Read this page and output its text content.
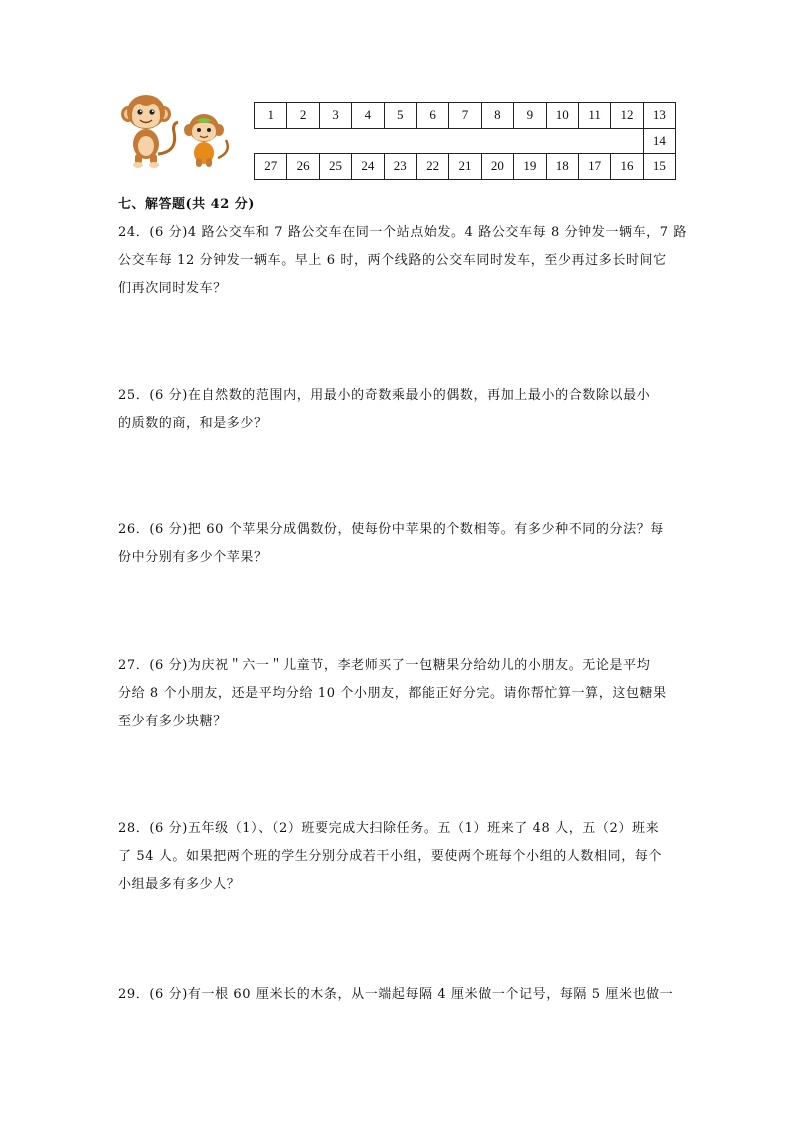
1	2	3	4	5	6	7	8	9	10	11	12	13
												14
27	26	25	24	23	22	21	20	19	18	17	16	15
七、解答题(共 42 分)

24．(6 分)4 路公交车和 7 路公交车在同一个站点始发。4 路公交车每 8 分钟发一辆车，7 路

公交车每 12 分钟发一辆车。早上 6 时，两个线路的公交车同时发车，至少再过多长时间它

们再次同时发车？

25．(6 分)在自然数的范围内，用最小的奇数乘最小的偶数，再加上最小的合数除以最小

的质数的商，和是多少？

26．(6 分)把 60 个苹果分成偶数份，使每份中苹果的个数相等。有多少种不同的分法？每

份中分别有多少个苹果？

27．(6 分)为庆祝＂六一＂儿童节，李老师买了一包糖果分给幼儿的小朋友。无论是平均

分给 8 个小朋友，还是平均分给 10 个小朋友，都能正好分完。请你帮忙算一算，这包糖果

至少有多少块糖？

28．(6 分)五年级（1）、（2）班要完成大扫除任务。五（1）班来了 48 人，五（2）班来

了 54 人。如果把两个班的学生分别分成若干小组，要使两个班每个小组的人数相同，每个

小组最多有多少人？

29．(6 分)有一根 60 厘米长的木条，从一端起每隔 4 厘米做一个记号，每隔 5 厘米也做一
